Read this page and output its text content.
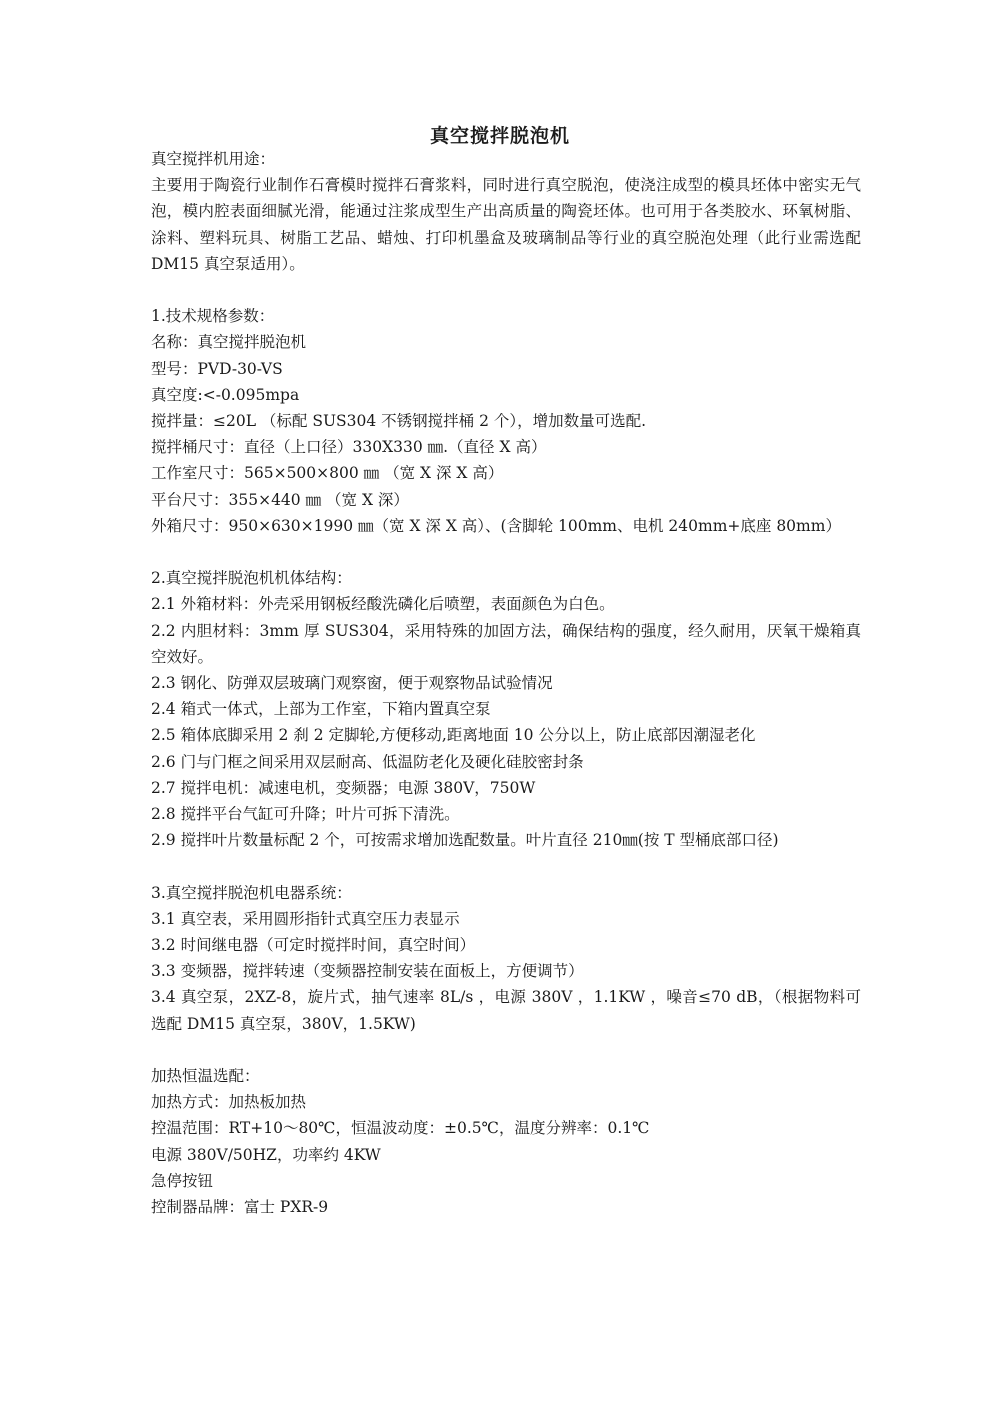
真空搅拌脱泡机

真空搅拌机用途：

主要用于陶瓷行业制作石膏模时搅拌石膏浆料，同时进行真空脱泡，使浇注成型的模具坯体中密实无气泡，模内腔表面细腻光滑，能通过注浆成型生产出高质量的陶瓷坯体。也可用于各类胶水、环氧树脂、涂料、塑料玩具、树脂工艺品、蜡烛、打印机墨盒及玻璃制品等行业的真空脱泡处理（此行业需选配 DM15 真空泵适用）。

1.技术规格参数：

名称：真空搅拌脱泡机

型号：PVD-30-VS

真空度:<-0.095mpa

搅拌量：≤20L （标配 SUS304 不锈钢搅拌桶 2 个），增加数量可选配.

搅拌桶尺寸：直径（上口径）330X330 ㎜.（直径 X 高）

工作室尺寸：565×500×800 ㎜ （宽 X 深 X 高）

平台尺寸：355×440 ㎜ （宽 X 深）

外箱尺寸：950×630×1990 ㎜（宽 X 深 X 高）、(含脚轮 100mm、电机 240mm+底座 80mm）

2.真空搅拌脱泡机机体结构：

2.1 外箱材料：外壳采用钢板经酸洗磷化后喷塑，表面颜色为白色。

2.2 内胆材料：3mm 厚 SUS304，采用特殊的加固方法，确保结构的强度，经久耐用，厌氧干燥箱真空效好。

2.3 钢化、防弹双层玻璃门观察窗，便于观察物品试验情况

2.4 箱式一体式，上部为工作室，下箱内置真空泵

2.5 箱体底脚采用 2 刹 2 定脚轮,方便移动,距离地面 10 公分以上，防止底部因潮湿老化

2.6 门与门框之间采用双层耐高、低温防老化及硬化硅胶密封条

2.7 搅拌电机：减速电机，变频器；电源 380V，750W

2.8 搅拌平台气缸可升降；叶片可拆下清洗。

2.9 搅拌叶片数量标配 2 个，可按需求增加选配数量。叶片直径 210㎜(按 T 型桶底部口径)

3.真空搅拌脱泡机电器系统：

3.1 真空表，采用圆形指针式真空压力表显示

3.2 时间继电器（可定时搅拌时间，真空时间）

3.3 变频器，搅拌转速（变频器控制安装在面板上，方便调节）

3.4 真空泵，2XZ-8，旋片式，抽气速率 8L/s ，电源 380V ，1.1KW ，噪音≤70 dB，（根据物料可选配 DM15 真空泵，380V，1.5KW)

加热恒温选配：

加热方式：加热板加热

控温范围：RT+10～80℃，恒温波动度：±0.5℃，温度分辨率：0.1℃

电源 380V/50HZ，功率约 4KW

急停按钮

控制器品牌：富士 PXR-9
